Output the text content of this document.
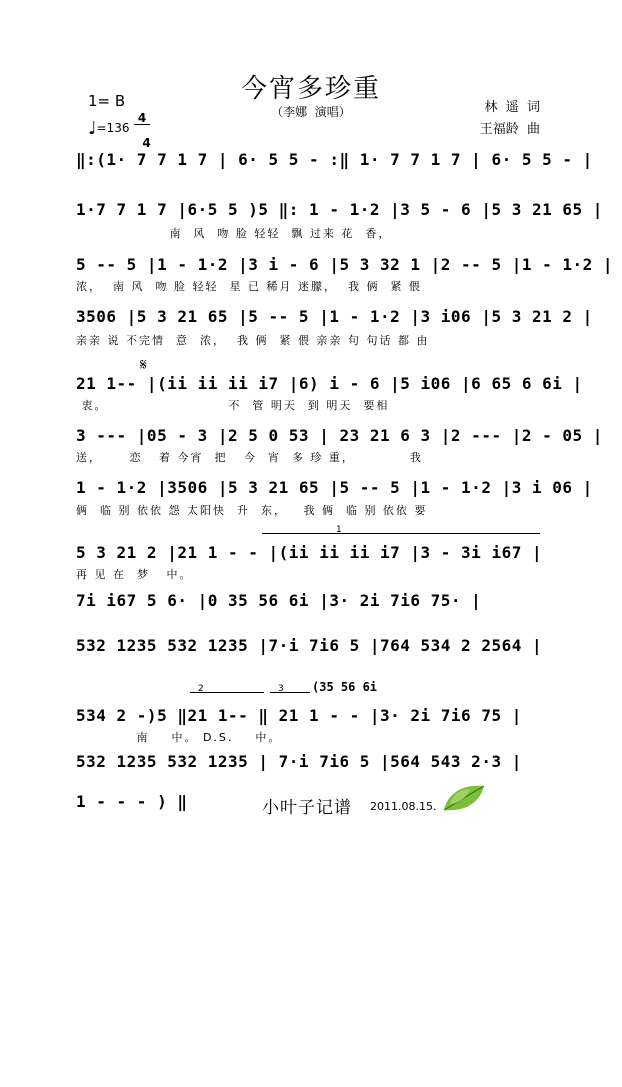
今宵多珍重
（李娜  演唱）
1= B

4

4

♩=136
林  遥  词
王福龄  曲
‖:(1· 7 7 1 7 | 6· 5 5 - :‖ 1· 7 7 1 7 | 6· 5 5 - |
1·7 7 1 7 |6·5 5 )5 ‖: 1 - 1·2 |3 5 - 6 |5 3 21 65 |
南  风  吻 脸 轻轻  飘 过来 花  香，
5 -- 5 |1 - 1·2 |3 i - 6 |5 3 32 1 |2 -- 5 |1 - 1·2 |
浓，  南 风  吻 脸 轻轻  星 已 稀月 迷朦，  我 俩  紧 偎
3506 |5 3 21 65 |5 -- 5 |1 - 1·2 |3 i06 |5 3 21 2 |
亲亲 说 不完情  意  浓，  我 俩  紧 偎 亲亲 句 句话 都 由
𝄋
21 1-- |(ii ii ii i7 |6) i - 6 |5 i06 |6 65 6 6i |
衷。                      不  管 明天  到 明天  要相
3 --- |05 - 3 |2 5 0 53 | 23 21 6 3 |2 --- |2 - 05 |
送，     恋   着 今宵  把   今  宵  多 珍 重，          我
1 - 1·2 |3506 |5 3 21 65 |5 -- 5 |1 - 1·2 |3 i 06 |
俩  临 别 依依 怨 太阳快  升  东，   我 俩  临 别 依依 要
1
5 3 21 2 |21 1 - - |(ii ii ii i7 |3 - 3i i67 |
再 见 在  梦   中。
7i i67 5 6· |0 35 56 6i |3· 2i 7i6 75· |
532 1235 532 1235 |7·i 7i6 5 |764 534 2 2564 |
2	3 (35 56 6i
534 2 -)5 ‖21 1-- ‖ 21 1 - - |3· 2i 7i6 75 |
南    中。 D.S.    中。
532 1235 532 1235 | 7·i 7i6 5 |564 543 2·3 |
1 - - - ) ‖	小叶子记谱 2011.08.15.
